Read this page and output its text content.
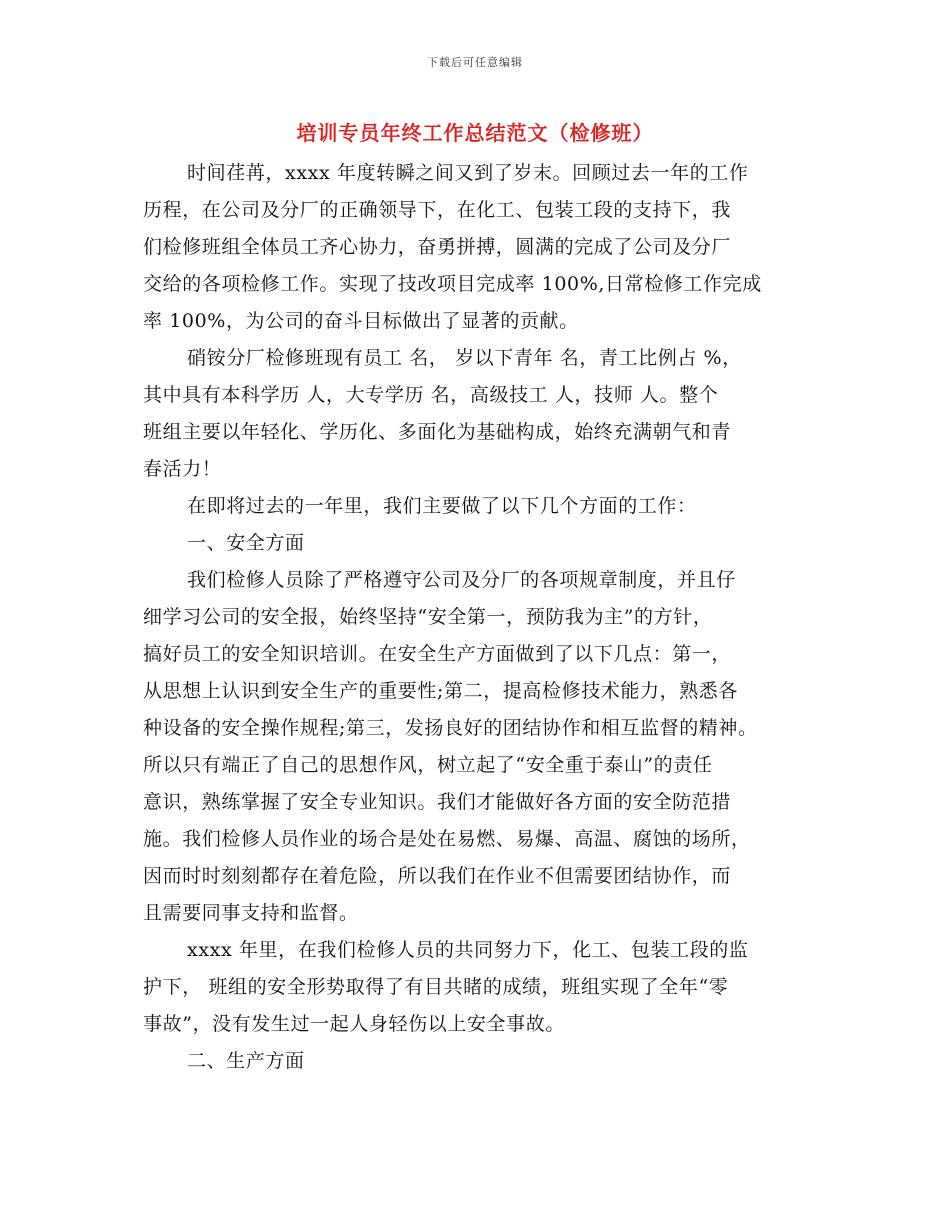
下载后可任意编辑
培训专员年终工作总结范文（检修班）
时间荏苒，xxxx 年度转瞬之间又到了岁末。回顾过去一年的工作
历程，在公司及分厂的正确领导下，在化工、包装工段的支持下，我
们检修班组全体员工齐心协力，奋勇拼搏，圆满的完成了公司及分厂
交给的各项检修工作。实现了技改项目完成率 100%,日常检修工作完成
率 100%，为公司的奋斗目标做出了显著的贡献。
硝铵分厂检修班现有员工 名， 岁以下青年 名，青工比例占 %，
其中具有本科学历 人，大专学历 名，高级技工 人，技师 人。整个
班组主要以年轻化、学历化、多面化为基础构成，始终充满朝气和青
春活力！
在即将过去的一年里，我们主要做了以下几个方面的工作：
一、安全方面
我们检修人员除了严格遵守公司及分厂的各项规章制度，并且仔
细学习公司的安全报，始终坚持“安全第一，预防我为主”的方针，
搞好员工的安全知识培训。在安全生产方面做到了以下几点：第一，
从思想上认识到安全生产的重要性;第二，提高检修技术能力，熟悉各
种设备的安全操作规程;第三，发扬良好的团结协作和相互监督的精神。
所以只有端正了自己的思想作风，树立起了“安全重于泰山”的责任
意识，熟练掌握了安全专业知识。我们才能做好各方面的安全防范措
施。我们检修人员作业的场合是处在易燃、易爆、高温、腐蚀的场所，
因而时时刻刻都存在着危险，所以我们在作业不但需要团结协作，而
且需要同事支持和监督。
xxxx 年里，在我们检修人员的共同努力下，化工、包装工段的监
护下， 班组的安全形势取得了有目共睹的成绩，班组实现了全年“零
事故”，没有发生过一起人身轻伤以上安全事故。
二、生产方面
